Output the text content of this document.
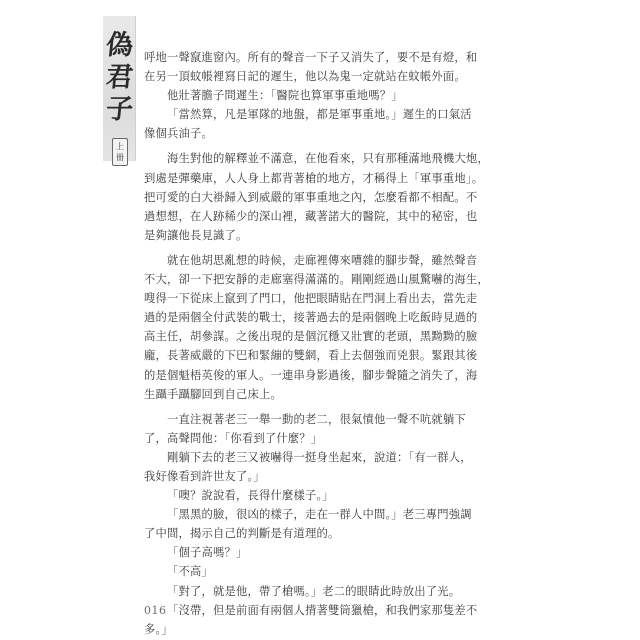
偽
君
子
上
冊
呼地一聲竄進窗內。所有的聲音一下子又消失了，要不是有燈，和
在另一頂蚊帳裡寫日記的遲生，他以為鬼一定就站在蚊帳外面。
他壯著膽子問遲生：「醫院也算軍事重地嗎？」
「當然算，凡是軍隊的地盤，都是軍事重地。」遲生的口氣活
像個兵油子。
海生對他的解釋並不滿意，在他看來，只有那種滿地飛機大炮，
到處是彈藥庫，人人身上都背著槍的地方，才稱得上「軍事重地」。
把可愛的白大褂歸入到威嚴的軍事重地之內，怎麼看都不相配。不
過想想，在人跡稀少的深山裡，藏著諾大的醫院，其中的秘密，也
是夠讓他長見識了。
就在他胡思亂想的時候，走廊裡傳來嘈雜的腳步聲，雖然聲音
不大，卻一下把安靜的走廊塞得滿滿的。剛剛經過山風驚嚇的海生，
嗖得一下從床上竄到了門口，他把眼睛貼在門洞上看出去，當先走
過的是兩個全付武裝的戰士，接著過去的是兩個晚上吃飯時見過的
高主任，胡參謀。之後出現的是個沉穩又壯實的老頭，黑黝黝的臉
龐，長著威嚴的下巴和緊繃的雙網，看上去個強而兇狠。緊跟其後
的是個魁梧英俊的軍人。一連串身影過後，腳步聲隨之消失了，海
生躡手躡腳回到自己床上。
一直注視著老三一舉一動的老二，很氣憤他一聲不吭就躺下
了，高聲問他：「你看到了什麼？」
剛躺下去的老三又被嚇得一挺身坐起來，說道：「有一群人，
我好像看到許世友了。」
「噢？說說看，長得什麼樣子。」
「黑黑的臉，很凶的樣子，走在一群人中間。」老三專門強調
了中間，揭示自己的判斷是有道理的。
「個子高嗎？」
「不高」
「對了，就是他，帶了槍嗎。」老二的眼睛此時放出了光。
「沒帶，但是前面有兩個人揹著雙筒獵槍，和我們家那隻差不
多。」
016
